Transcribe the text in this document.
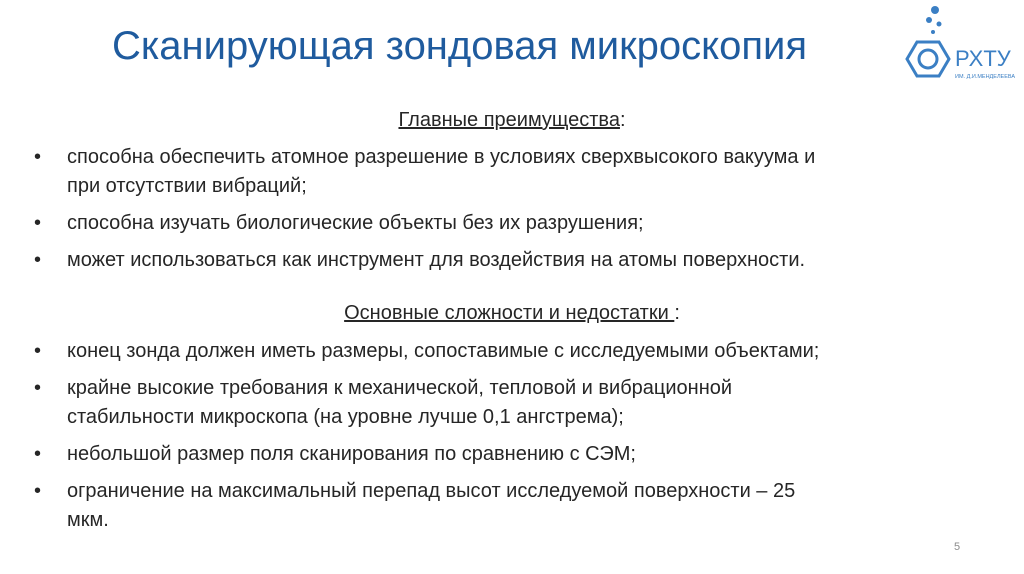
Сканирующая зондовая микроскопия	РХТУ
ИМ. Д.И.МЕНДЕЛЕЕВА
Главные преимущества:
•	способна обеспечить атомное разрешение в условиях сверхвысокого вакуума и
при отсутствии вибраций;
•	способна изучать биологические объекты без их разрушения;
•	может использоваться как инструмент для воздействия на атомы поверхности.
Основные сложности и недостатки :
•	конец зонда должен иметь размеры, сопоставимые с исследуемыми объектами;
•	крайне высокие требования к механической, тепловой и вибрационной
стабильности микроскопа (на уровне лучше 0,1 ангстрема);
•	небольшой размер поля сканирования по сравнению с СЭМ;
•	ограничение на максимальный перепад высот исследуемой поверхности – 25
мкм.
5
